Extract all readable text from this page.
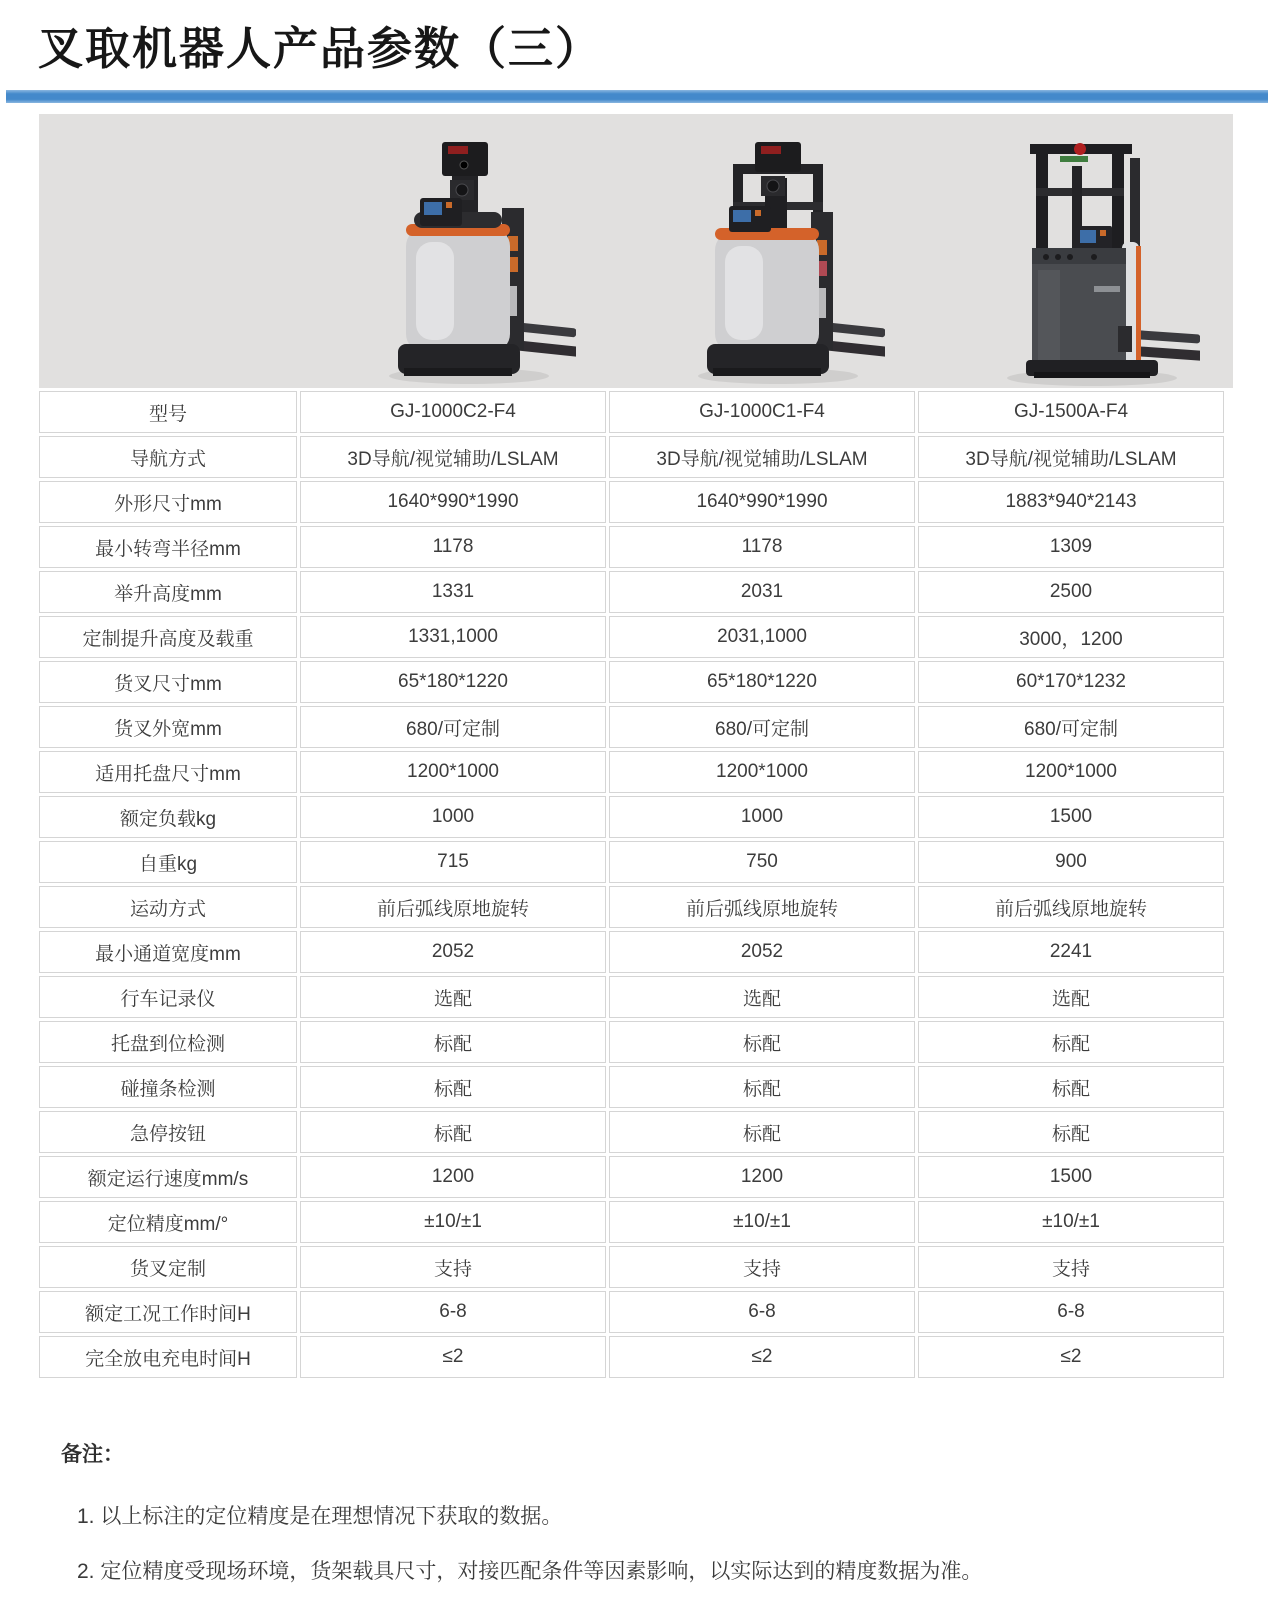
叉取机器人产品参数（三）
型号	GJ-1000C2-F4	GJ-1000C1-F4	GJ-1500A-F4
导航方式	3D导航/视觉辅助/LSLAM	3D导航/视觉辅助/LSLAM	3D导航/视觉辅助/LSLAM
外形尺寸mm	1640*990*1990	1640*990*1990	1883*940*2143
最小转弯半径mm	1178	1178	1309
举升高度mm	1331	2031	2500
定制提升高度及载重	1331,1000	2031,1000	3000，1200
货叉尺寸mm	65*180*1220	65*180*1220	60*170*1232
货叉外宽mm	680/可定制	680/可定制	680/可定制
适用托盘尺寸mm	1200*1000	1200*1000	1200*1000
额定负载kg	1000	1000	1500
自重kg	715	750	900
运动方式	前后弧线原地旋转	前后弧线原地旋转	前后弧线原地旋转
最小通道宽度mm	2052	2052	2241
行车记录仪	选配	选配	选配
托盘到位检测	标配	标配	标配
碰撞条检测	标配	标配	标配
急停按钮	标配	标配	标配
额定运行速度mm/s	1200	1200	1500
定位精度mm/°	±10/±1	±10/±1	±10/±1
货叉定制	支持	支持	支持
额定工况工作时间H	6-8	6-8	6-8
完全放电充电时间H	≤2	≤2	≤2
备注：
1. 以上标注的定位精度是在理想情况下获取的数据。
2. 定位精度受现场环境，货架载具尺寸，对接匹配条件等因素影响，以实际达到的精度数据为准。
